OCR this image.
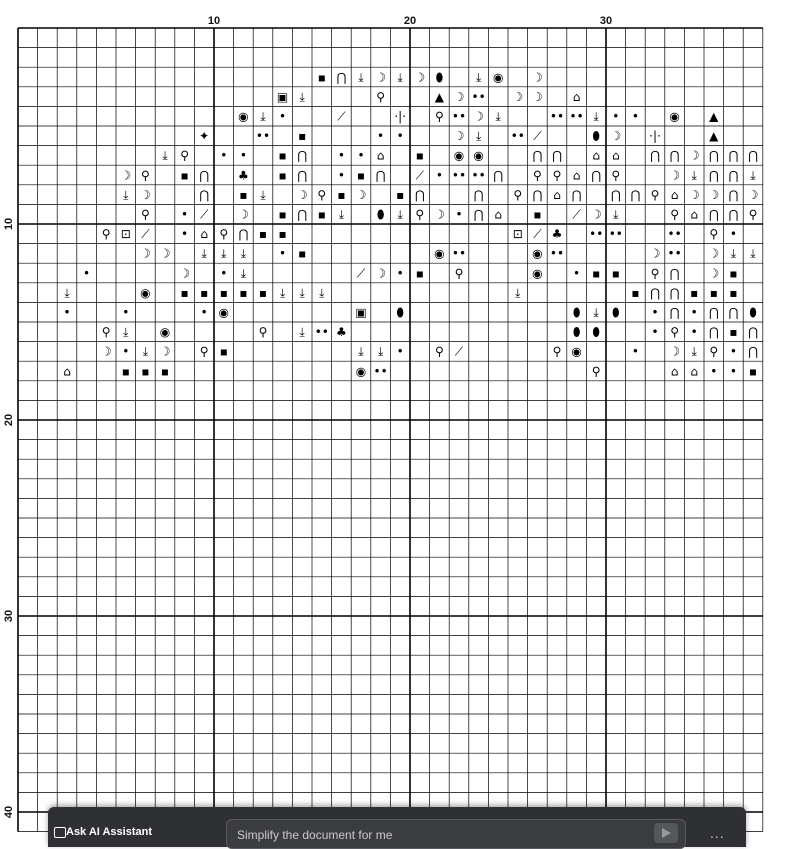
▪ ⋂ ⤓ ☽ ⤓ ☽ ⬮	⤓ ◉ ☽
▣ ⤓	⚲	▲ ☽ •• ☽ ☽	⌂
◉ ⤓ •	⟋	⋅|⋅ ⚲ •• ☽ ⤓	•• •• ⤓ • •	◉ ▲
✦	•• ▪	• •	☽ ⤓ •• ⟋	⬮ ☽ ⋅|⋅	▲
⤓ ⚲	• •	▪ ⋂	• • ⌂	▪ ◉ ◉	⋂ ⋂	⌂ ⌂	⋂ ⋂ ☽ ⋂ ⋂ ⋂
☽ ⚲	▪ ⋂ ♣ ▪ ⋂	• ▪ ⋂	⟋ • •• •• ⋂ ⚲ ⚲ ⌂ ⋂ ⚲	☽ ⤓ ⋂ ⋂ ⤓
⤓ ☽	⋂	▪ ⤓	☽ ⚲ ▪ ☽ ▪ ⋂	⋂ ⚲ ⋂ ⌂ ⋂ ⋂ ⋂ ⚲ ⌂ ☽ ☽ ⋂ ☽
⚲	• ⟋ ☽ ▪ ⋂ ▪ ⤓	⬮ ⤓ ⚲ ☽ • ⋂ ⌂	▪	⟋ ☽ ⤓	⚲ ⌂ ⋂ ⋂ ⚲
⚲ ⊡ ⟋	• ⌂ ⚲ ⋂ ▪ ▪	⊡ ⟋ ♣ •• ••	•• ⚲ •
☽ ☽	⤓ ⤓ ⤓	• ▪	◉ ••	◉ ••	☽ •• ☽ ⤓ ⤓
•	☽	• ⤓	⟋ ☽ • ▪	⚲	◉	• ▪ ▪	⚲ ⋂ ☽ ▪
⤓	◉ ▪ ▪ ▪ ▪ ▪ ⤓ ⤓ ⤓	⤓	▪ ⋂ ⋂ ▪ ▪ ▪
•	•	• ◉	▣ ⬮	⬮ ⤓ ⬮	• ⋂ • ⋂ ⋂ ⬮
⚲ ⤓	◉	⚲	⤓ •• ♣	⬮ ⬮	• ⚲ • ⋂ ▪ ⋂
☽ • ⤓ ☽ ⚲ ▪	⤓ ⤓ •	⚲ ⟋	⚲ ◉	•	☽ ⤓ ⚲ • ⋂
⌂	▪ ▪ ▪	◉ ••	⚲	⌂ ⌂ • • ▪
10	20	30
10
20
30
40
Ask AI Assistant	Simplify the document for me	...
